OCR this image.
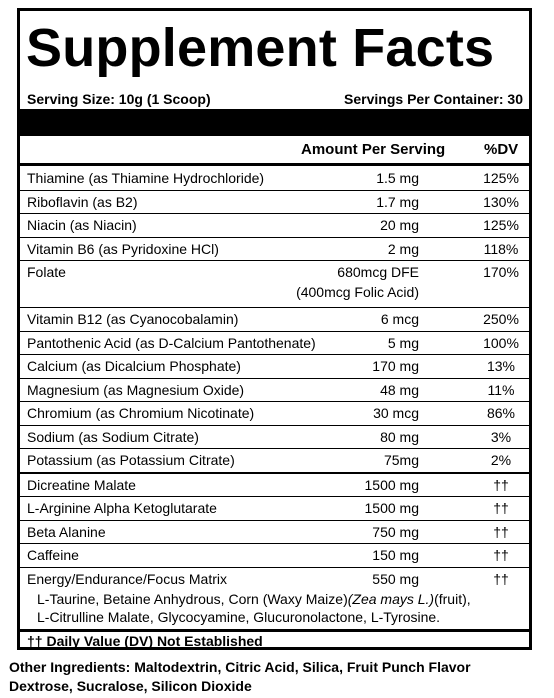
Supplement Facts
Serving Size: 10g (1 Scoop)	Servings Per Container: 30
Amount Per Serving	%DV
Thiamine (as Thiamine Hydrochloride)	1.5 mg	125%
Riboflavin (as B2)	1.7 mg	130%
Niacin (as Niacin)	20 mg	125%
Vitamin B6 (as Pyridoxine HCl)	2 mg	118%
Folate	680mcg DFE	170%
(400mcg Folic Acid)
Vitamin B12 (as Cyanocobalamin)	6 mcg	250%
Pantothenic Acid (as D-Calcium Pantothenate)	5 mg	100%
Calcium (as Dicalcium Phosphate)	170 mg	13%
Magnesium (as Magnesium Oxide)	48 mg	11%
Chromium (as Chromium Nicotinate)	30 mcg	86%
Sodium (as Sodium Citrate)	80 mg	3%
Potassium (as Potassium Citrate)	75mg	2%
Dicreatine Malate	1500 mg	††
L-Arginine Alpha Ketoglutarate	1500 mg	††
Beta Alanine	750 mg	††
Caffeine	150 mg	††
Energy/Endurance/Focus Matrix	550 mg	††
L-Taurine, Betaine Anhydrous, Corn (Waxy Maize)(Zea mays L.)(fruit),
L-Citrulline Malate, Glycocyamine, Glucuronolactone, L-Tyrosine.
†† Daily Value (DV) Not Established
Other Ingredients: Maltodextrin, Citric Acid, Silica, Fruit Punch Flavor
Dextrose, Sucralose, Silicon Dioxide
